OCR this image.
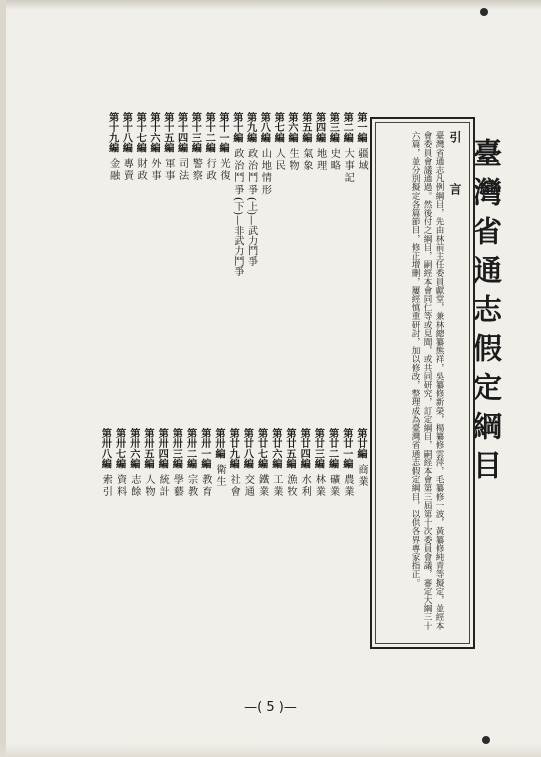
臺灣省通志假定綱目
引 言
臺灣省通志凡例綱目，先由林前主任委員獻堂，兼林總纂熊祥，吳纂修新榮，楊纂修雲萍，毛纂修一波，黃纂修純青等擬定，並經本會委員會議通過。然後付之綱目，嗣經本會同仁等或見聞，或共同研究，訂定綱目，嗣經本會第三屆第十次委員會議，審定大綱三十六篇，並分別擬定各篇節目，修正增刪，屢經慎重研討，加以修改，整理成為臺灣省通志假定綱目，以供各界專家指正。
第一編 疆域
第二編 大事記
第三編 史略
第四編 地理
第五編 氣象
第六編 生物
第七編 人民
第八編 山地情形
第九編 政治鬥爭(上)—武力鬥爭
第十編 政治鬥爭(下)—非武力鬥爭
第十一編 光復
第十二編 行政
第十三編 警察
第十四編 司法
第十五編 軍事
第十六編 外事
第十七編 財政
第十八編 專賣
第十九編 金融
第廿編 商業
第廿一編 農業
第廿二編 礦業
第廿三編 林業
第廿四編 水利
第廿五編 漁牧
第廿六編 工業
第廿七編 鐵業
第廿八編 交通
第廿九編 社會
第卅編 衛生
第卅一編 教育
第卅二編 宗教
第卅三編 學藝
第卅四編 統計
第卅五編 人物
第卅六編 志餘
第卅七編 資料
第卅八編 索引
—( 5 )—
